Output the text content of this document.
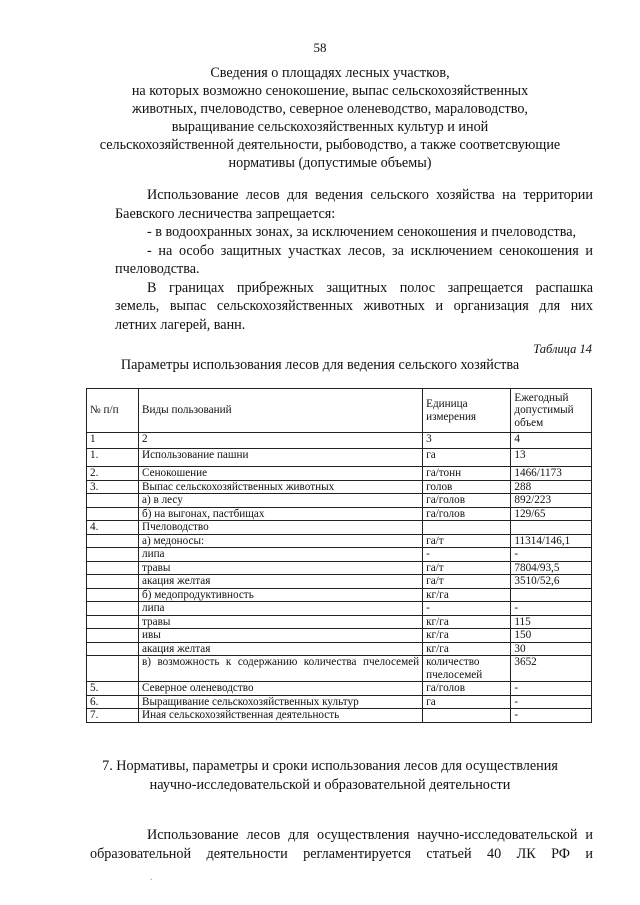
58
Сведения о площадях лесных участков,
на которых возможно сенокошение, выпас сельскохозяйственных
животных, пчеловодство, северное оленеводство, мараловодство,
выращивание сельскохозяйственных культур и иной
сельскохозяйственной деятельности, рыбоводство, а также соответсвующие
нормативы (допустимые объемы)
Использование лесов для ведения сельского хозяйства на территории
Баевского лесничества запрещается:
- в водоохранных зонах, за исключением сенокошения и пчеловодства,
- на особо защитных участках лесов, за исключением сенокошения и
пчеловодства.
В границах прибрежных защитных полос запрещается распашка
земель, выпас сельскохозяйственных животных и организация для них
летних лагерей, ванн.
Таблица 14
Параметры использования лесов для ведения сельского хозяйства
№ п/п	Виды пользований	Единица измерения	Ежегодный допустимый объем
1	2	3	4
1.	Использование пашни	га	13
2.	Сенокошение	га/тонн	1466/1173
3.	Выпас сельскохозяйственных животных	голов	288
	а) в лесу	га/голов	892/223
	б) на выгонах, пастбищах	га/голов	129/65
4.	Пчеловодство		
	а) медоносы:	га/т	11314/146,1
	липа	-	-
	травы	га/т	7804/93,5
	акация желтая	га/т	3510/52,6
	б) медопродуктивность	кг/га	
	липа	-	-
	травы	кг/га	115
	ивы	кг/га	150
	акация желтая	кг/га	30
	в) возможность к содержанию количества пчелосемей	количество пчелосемей	3652
5.	Северное оленеводство	га/голов	-
6.	Выращивание сельскохозяйственных культур	га	-
7.	Иная сельскохозяйственная деятельность		-
7. Нормативы, параметры и сроки использования лесов для осуществления
научно-исследовательской и образовательной деятельности
Использование лесов для осуществления научно-исследовательской и
образовательной деятельности регламентируется статьей 40 ЛК РФ и
.
